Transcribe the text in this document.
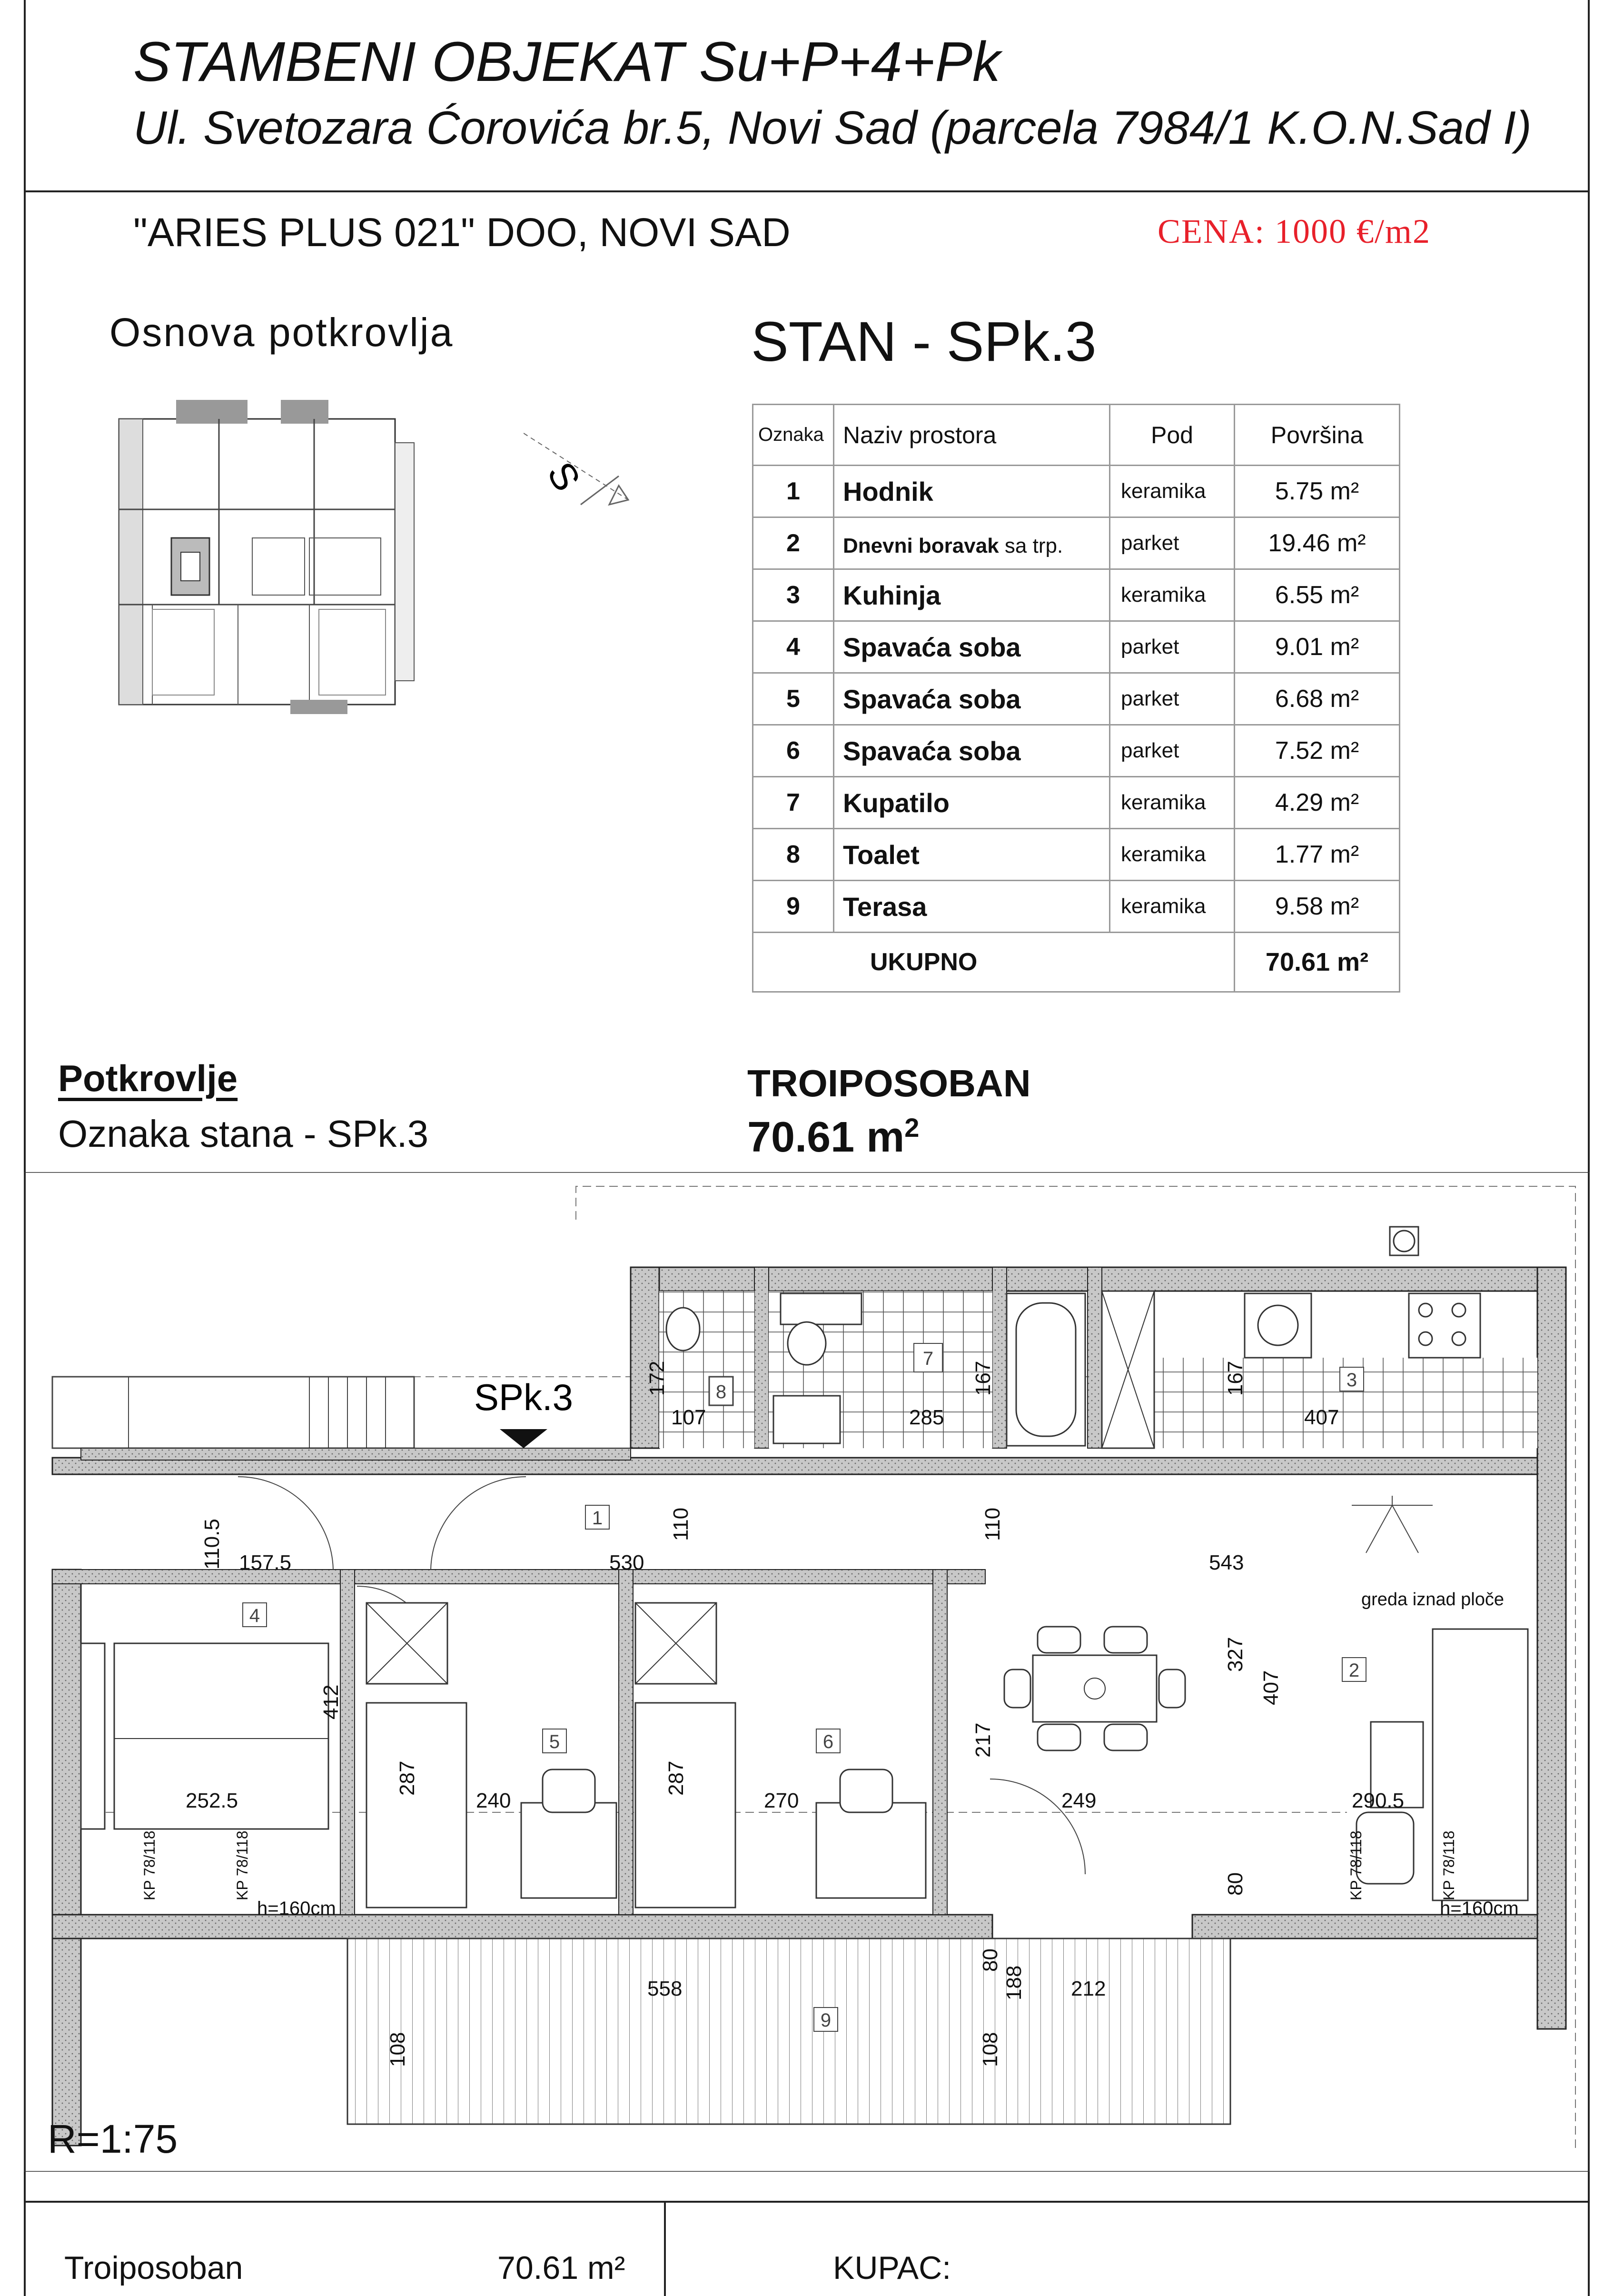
STAMBENI OBJEKAT Su+P+4+Pk
Ul. Svetozara Ćorovića br.5, Novi Sad (parcela 7984/1 K.O.N.Sad I)
"ARIES PLUS 021" DOO, NOVI SAD	CENA: 1000 €/m2
Osnova potkrovlja
S
STAN - SPk.3
Oznaka	Naziv prostora	Pod	Površina
1	Hodnik	keramika	5.75 m²
2	Dnevni boravak sa trp.	parket	19.46 m²
3	Kuhinja	keramika	6.55 m²
4	Spavaća soba	parket	9.01 m²
5	Spavaća soba	parket	6.68 m²
6	Spavaća soba	parket	7.52 m²
7	Kupatilo	keramika	4.29 m²
8	Toalet	keramika	1.77 m²
9	Terasa	keramika	9.58 m²
UKUPNO			70.61 m²
Potkrovlje
Oznaka stana - SPk.3
TROIPOSOBAN
70.61 $m^2$
1
4
5	6
2
3
7
8
9
SPk.3	172
107	285
167	167
407
110.5 157.5	530
110	110
543
greda iznad ploče
412
287	287
252.5	240	270
217
249
327
407
290.5
80
80
558	188 212
108	108
KP 78/118	KP 78/118	KP 78/118	KP 78/118
h=160cm	h=160cm
R=1:75
Troiposoban	70.61 m²	KUPAC:
